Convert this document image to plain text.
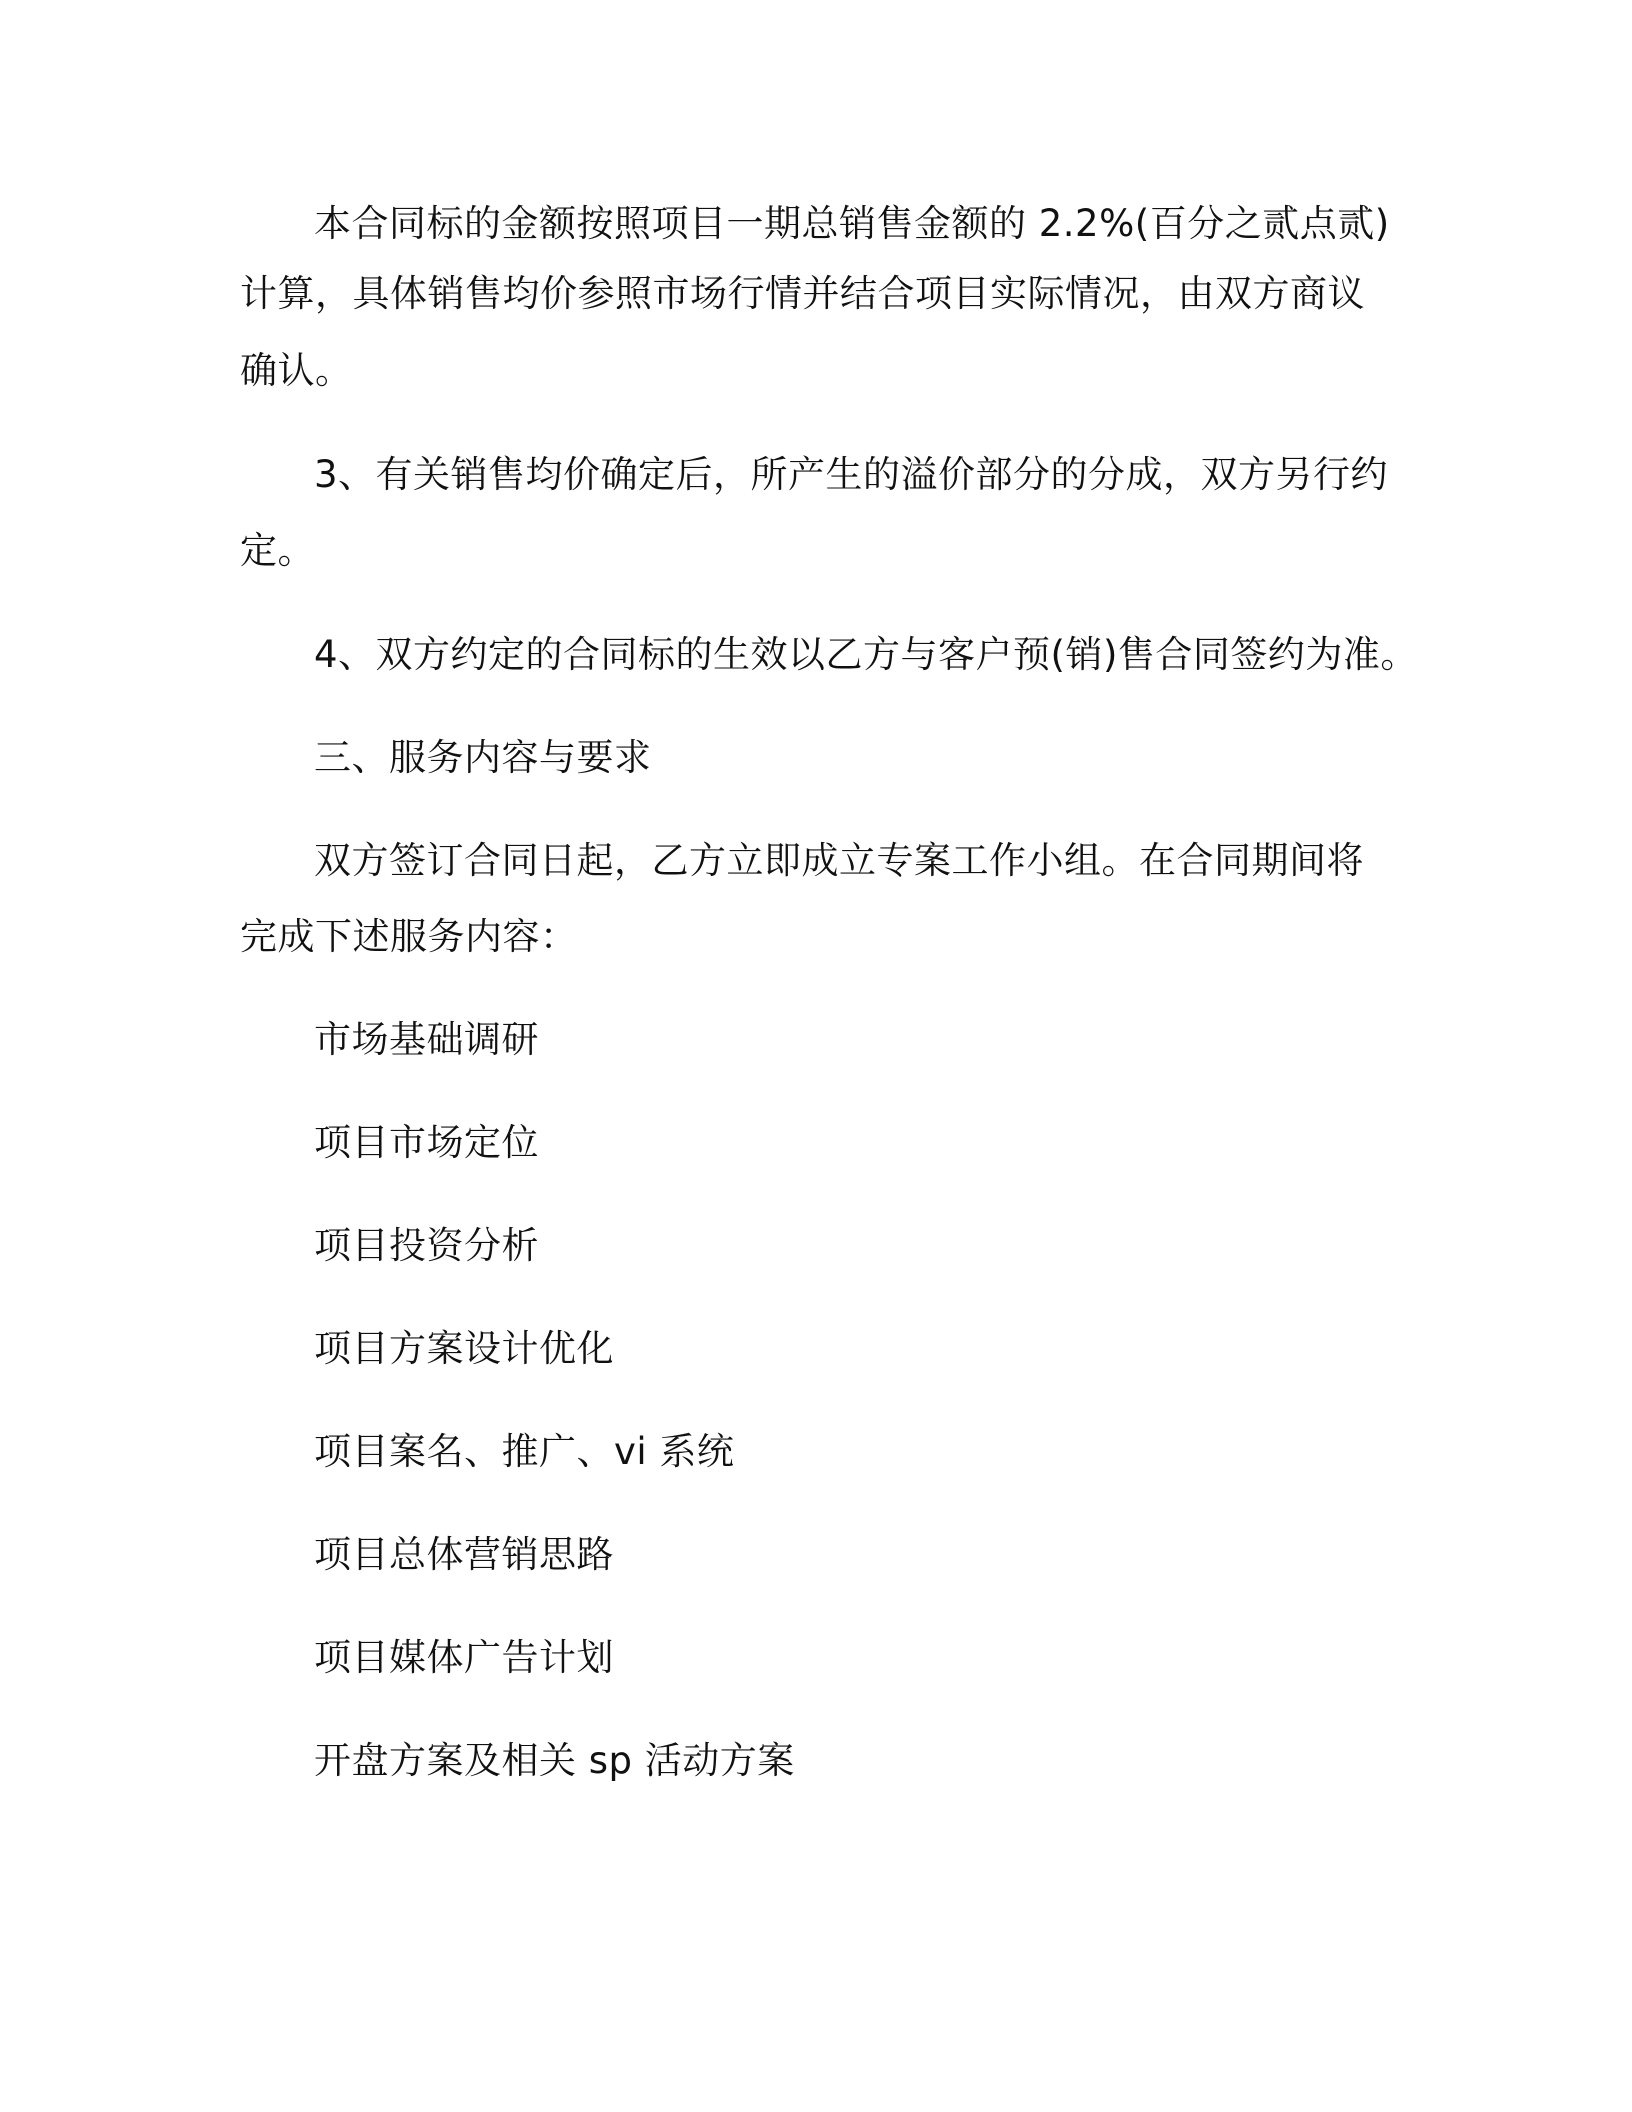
本合同标的金额按照项目一期总销售金额的 2.2%(百分之贰点贰)

计算，具体销售均价参照市场行情并结合项目实际情况，由双方商议

确认。

3、有关销售均价确定后，所产生的溢价部分的分成，双方另行约

定。

4、双方约定的合同标的生效以乙方与客户预(销)售合同签约为准。

三、服务内容与要求

双方签订合同日起，乙方立即成立专案工作小组。在合同期间将

完成下述服务内容：

市场基础调研

项目市场定位

项目投资分析

项目方案设计优化

项目案名、推广、vi 系统

项目总体营销思路

项目媒体广告计划

开盘方案及相关 sp 活动方案
